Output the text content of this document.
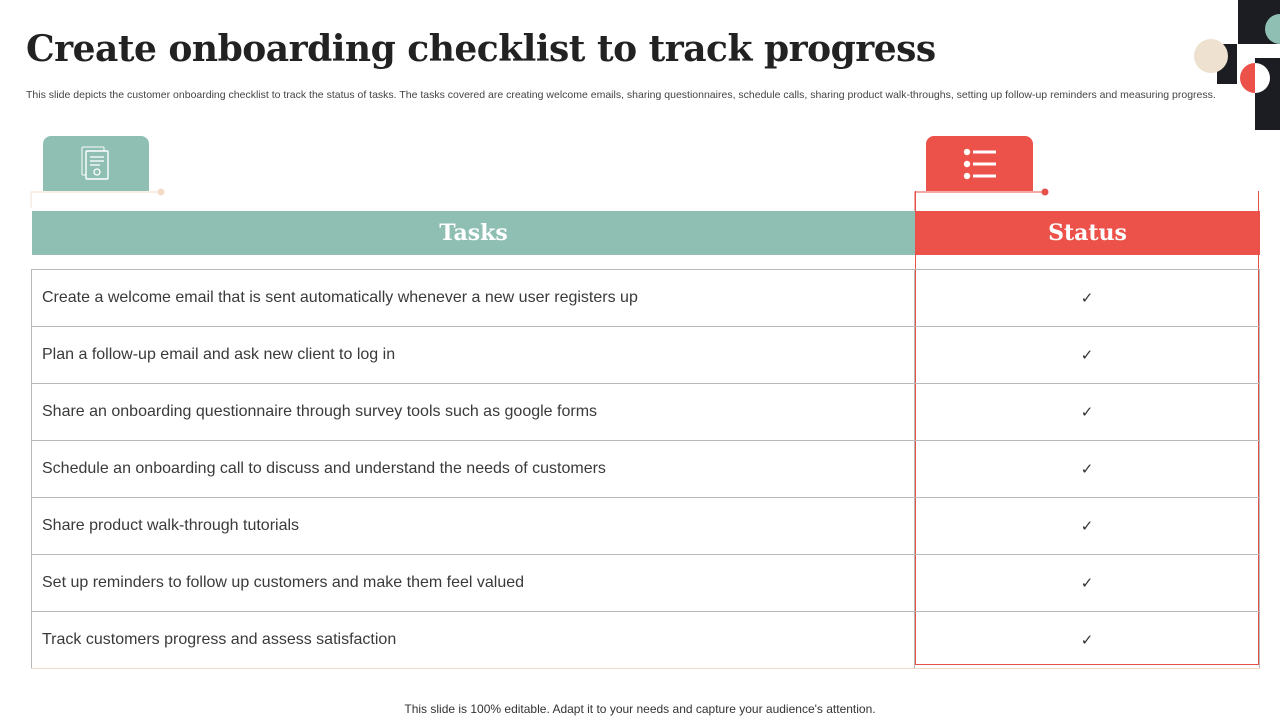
Create onboarding checklist to track progress
This slide depicts the customer onboarding checklist to track the status of tasks. The tasks covered are creating welcome emails, sharing questionnaires, schedule calls, sharing product walk-throughs, setting up follow-up reminders and measuring progress.
Tasks	Status
Create a welcome email that is sent automatically whenever a new user registers up	✓
Plan a follow-up email and ask new client to log in	✓
Share an onboarding questionnaire through survey tools such as google forms	✓
Schedule an onboarding call to discuss and understand the needs of customers	✓
Share product walk-through tutorials	✓
Set up reminders to follow up customers and make them feel valued	✓
Track customers progress and assess satisfaction	✓
This slide is 100% editable. Adapt it to your needs and capture your audience's attention.
